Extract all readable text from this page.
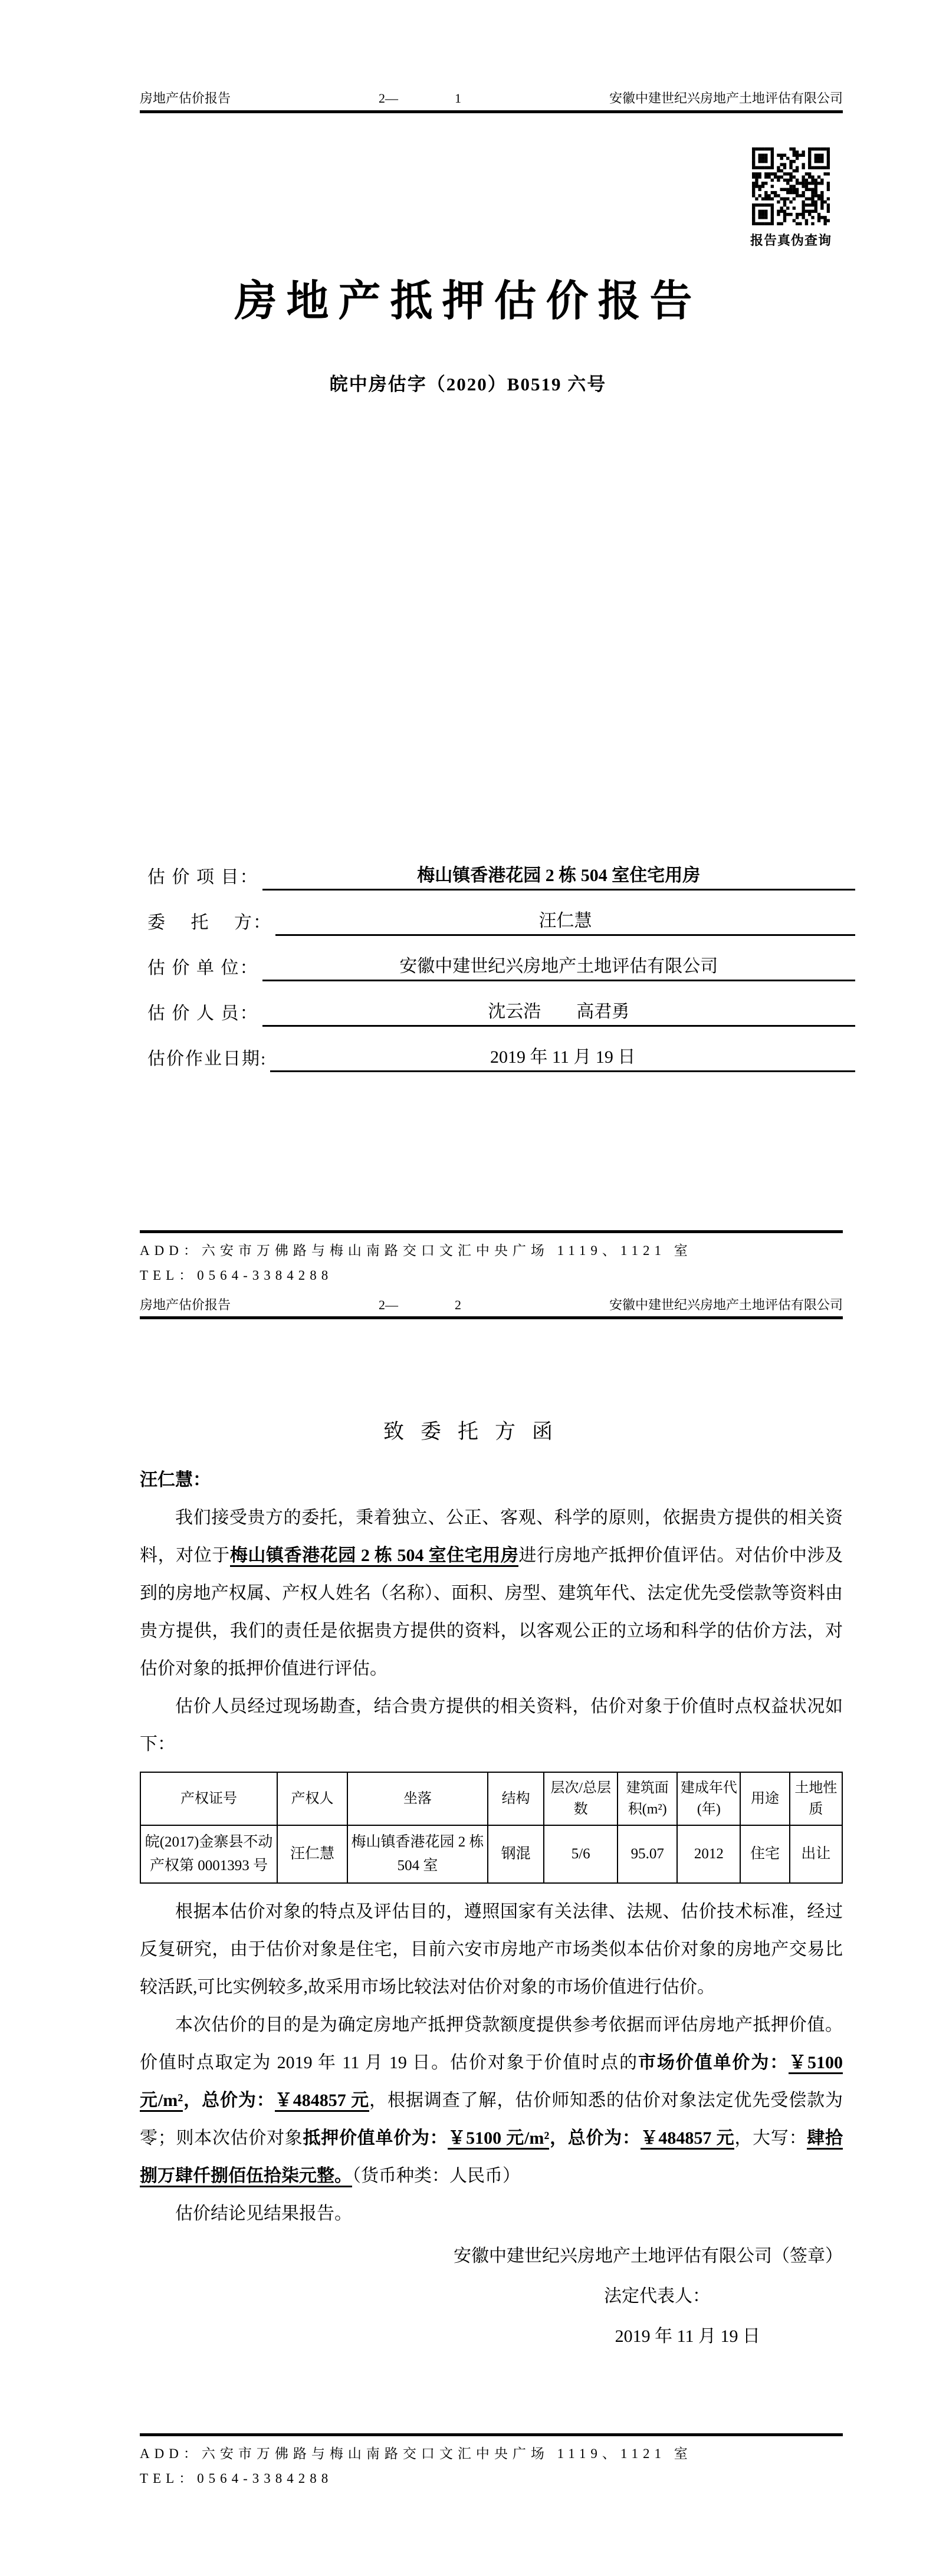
房地产估价报告	2—	1	安徽中建世纪兴房地产土地评估有限公司
报告真伪查询
房地产抵押估价报告
皖中房估字（2020）B0519 六号
估 价 项 目：	梅山镇香港花园 2 栋 504 室住宅用房
委　 托 　方：	汪仁慧
估 价 单 位：	安徽中建世纪兴房地产土地评估有限公司
估 价 人 员：	沈云浩　　高君勇
估价作业日期:	2019 年 11 月 19 日
ADD：六安市万佛路与梅山南路交口文汇中央广场 1119、1121 室
TEL：0564-3384288
房地产估价报告	2—	2	安徽中建世纪兴房地产土地评估有限公司
致委托方函

汪仁慧：

我们接受贵方的委托，秉着独立、公正、客观、科学的原则，依据贵方提供的相关资料，对位于梅山镇香港花园 2 栋 504 室住宅用房进行房地产抵押价值评估。对估价中涉及到的房地产权属、产权人姓名（名称）、面积、房型、建筑年代、法定优先受偿款等资料由贵方提供，我们的责任是依据贵方提供的资料，以客观公正的立场和科学的估价方法，对估价对象的抵押价值进行评估。

估价人员经过现场勘查，结合贵方提供的相关资料，估价对象于价值时点权益状况如下：

产权证号	产权人	坐落	结构	层次/总层数	建筑面积(m²)	建成年代(年)	用途	土地性质
皖(2017)金寨县不动产权第 0001393 号	汪仁慧	梅山镇香港花园 2 栋 504 室	钢混	5/6	95.07	2012	住宅	出让

根据本估价对象的特点及评估目的，遵照国家有关法律、法规、估价技术标准，经过反复研究，由于估价对象是住宅，目前六安市房地产市场类似本估价对象的房地产交易比较活跃,可比实例较多,故采用市场比较法对估价对象的市场价值进行估价。

本次估价的目的是为确定房地产抵押贷款额度提供参考依据而评估房地产抵押价值。价值时点取定为 2019 年 11 月 19 日。估价对象于价值时点的市场价值单价为：￥5100 元/m²，总价为：￥484857 元，根据调查了解，估价师知悉的估价对象法定优先受偿款为零；则本次估价对象抵押价值单价为：￥5100 元/m²，总价为：￥484857 元，大写：肆拾捌万肆仟捌佰伍拾柒元整。（货币种类：人民币）

估价结论见结果报告。

安徽中建世纪兴房地产土地评估有限公司（签章）
法定代表人：
2019 年 11 月 19 日
ADD：六安市万佛路与梅山南路交口文汇中央广场 1119、1121 室
TEL：0564-3384288
